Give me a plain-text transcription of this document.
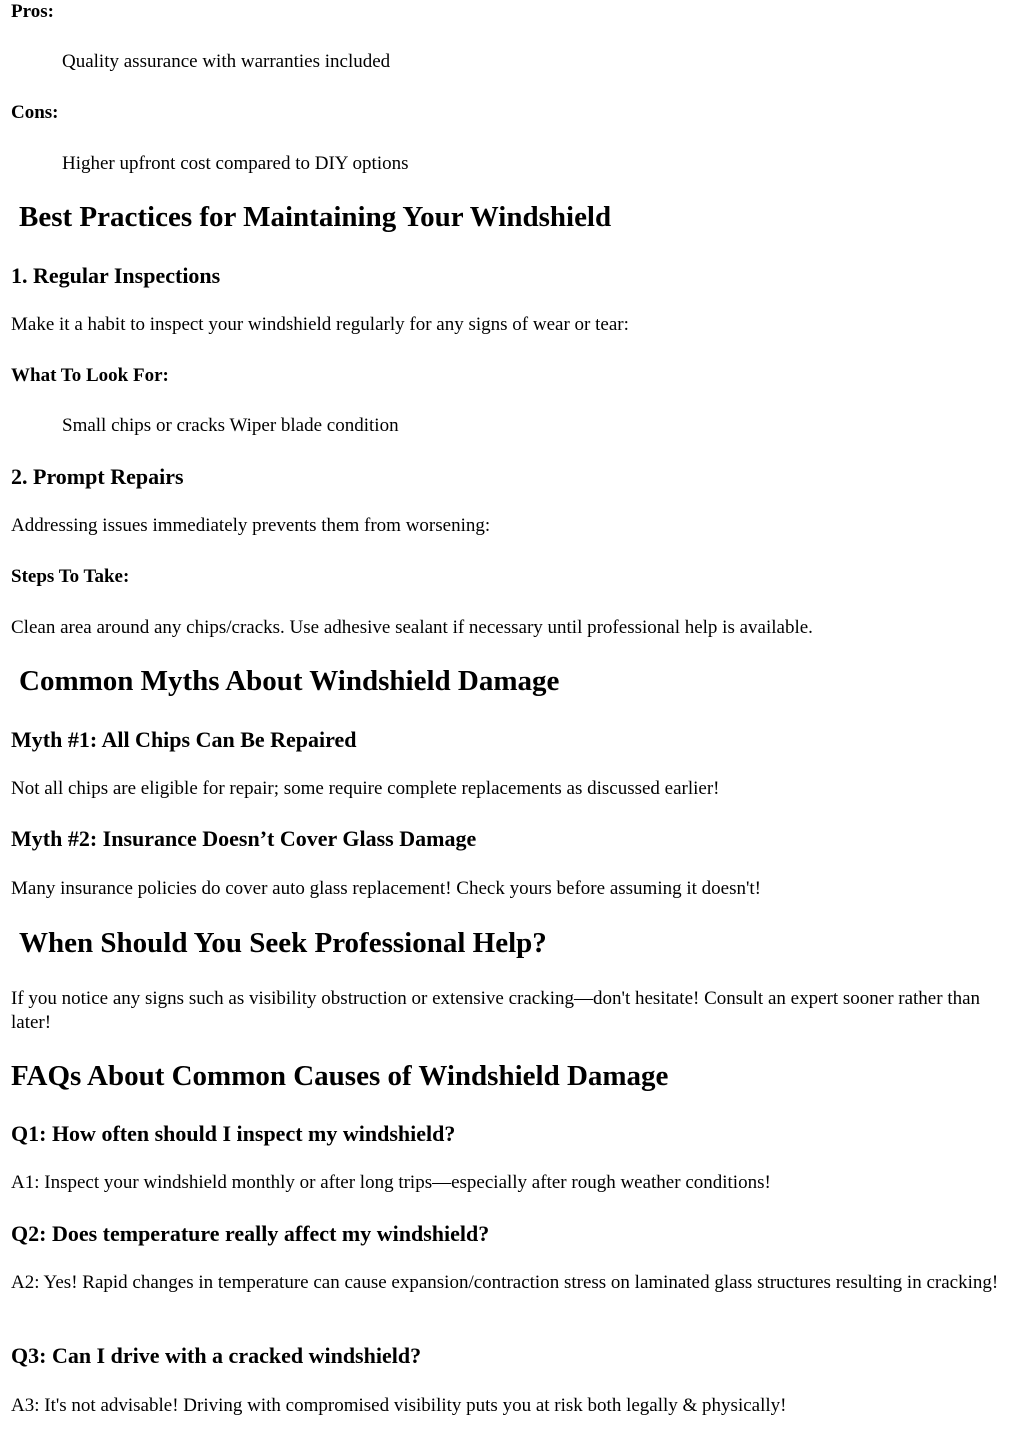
Pros:

Quality assurance with warranties included

Cons:

Higher upfront cost compared to DIY options

Best Practices for Maintaining Your Windshield
1. Regular Inspections

Make it a habit to inspect your windshield regularly for any signs of wear or tear:

What To Look For:

Small chips or cracks Wiper blade condition

2. Prompt Repairs

Addressing issues immediately prevents them from worsening:

Steps To Take:

Clean area around any chips/cracks. Use adhesive sealant if necessary until professional help is available.

Common Myths About Windshield Damage
Myth #1: All Chips Can Be Repaired

Not all chips are eligible for repair; some require complete replacements as discussed earlier!

Myth #2: Insurance Doesn’t Cover Glass Damage

Many insurance policies do cover auto glass replacement! Check yours before assuming it doesn't!

When Should You Seek Professional Help?

If you notice any signs such as visibility obstruction or extensive cracking—don't hesitate! Consult an expert sooner rather than later!

FAQs About Common Causes of Windshield Damage
Q1: How often should I inspect my windshield?

A1: Inspect your windshield monthly or after long trips—especially after rough weather conditions!

Q2: Does temperature really affect my windshield?

A2: Yes! Rapid changes in temperature can cause expansion/contraction stress on laminated glass structures resulting in cracking!

Q3: Can I drive with a cracked windshield?

A3: It's not advisable! Driving with compromised visibility puts you at risk both legally & physically!
